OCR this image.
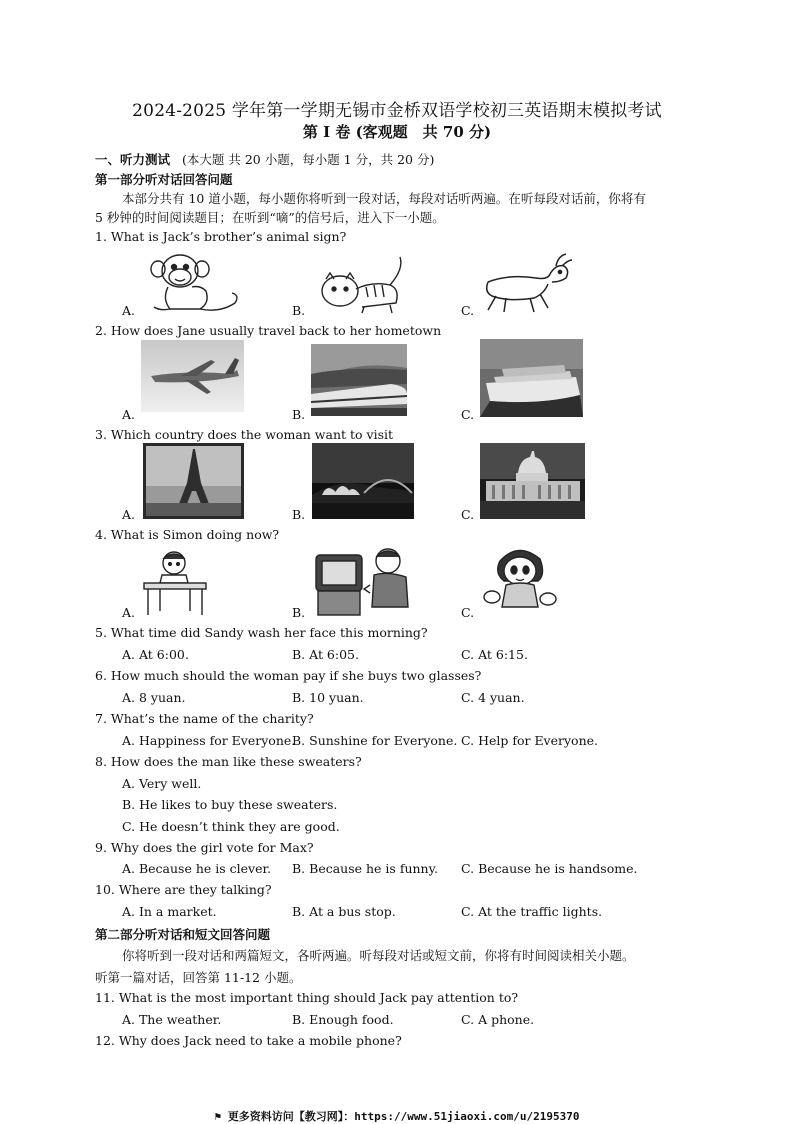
2024-2025 学年第一学期无锡市金桥双语学校初三英语期末模拟考试
第 Ⅰ 卷 (客观题　共 70 分)
一、听力测试 (本大题 共 20 小题，每小题 1 分，共 20 分)
第一部分听对话回答问题
本部分共有 10 道小题，每小题你将听到一段对话，每段对话听两遍。在听每段对话前，你将有
5 秒钟的时间阅读题目；在听到“嘀”的信号后，进入下一小题。
1. What is Jack’s brother’s animal sign?
A.	B.	C.
2. How does Jane usually travel back to her hometown
A.	B.	C.
3. Which country does the woman want to visit
A.	B.	C.
4. What is Simon doing now?
A.	B.	C.
5. What time did Sandy wash her face this morning?
A. At 6:00.	B. At 6:05.	C. At 6:15.
6. How much should the woman pay if she buys two glasses?
A. 8 yuan.	B. 10 yuan.	C. 4 yuan.
7. What’s the name of the charity?
A. Happiness for Everyone.
B. Sunshine for Everyone. C. Help for Everyone.
8. How does the man like these sweaters?
A. Very well.
B. He likes to buy these sweaters.
C. He doesn’t think they are good.
9. Why does the girl vote for Max?
A. Because he is clever. B. Because he is funny. C. Because he is handsome.
10. Where are they talking?
A. In a market.	B. At a bus stop.	C. At the traffic lights.
第二部分听对话和短文回答问题
你将听到一段对话和两篇短文，各听两遍。听每段对话或短文前，你将有时间阅读相关小题。
听第一篇对话，回答第 11-12 小题。
11. What is the most important thing should Jack pay attention to?
A. The weather.	B. Enough food.	C. A phone.
12. Why does Jack need to take a mobile phone?
⚑ 更多资料访问【教习网】：https://www.51jiaoxi.com/u/2195370
